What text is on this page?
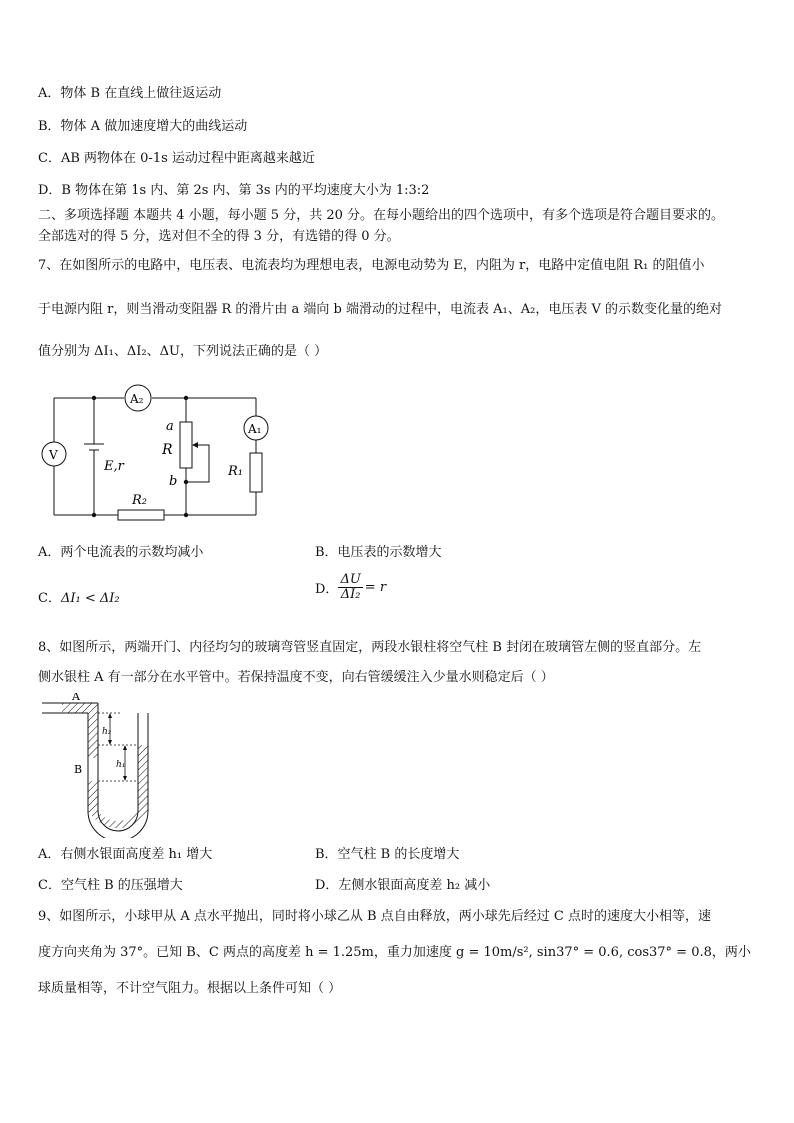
A．物体 B 在直线上做往返运动
B．物体 A 做加速度增大的曲线运动
C．AB 两物体在 0-1s 运动过程中距离越来越近
D．B 物体在第 1s 内、第 2s 内、第 3s 内的平均速度大小为 1:3:2
二、多项选择题 本题共 4 小题，每小题 5 分，共 20 分。在每小题给出的四个选项中，有多个选项是符合题目要求的。
全部选对的得 5 分，选对但不全的得 3 分，有选错的得 0 分。
7、在如图所示的电路中，电压表、电流表均为理想电表，电源电动势为 E，内阻为 r，电路中定值电阻 R₁ 的阻值小
于电源内阻 r，则当滑动变阻器 R 的滑片由 a 端向 b 端滑动的过程中，电流表 A₁、A₂，电压表 V 的示数变化量的绝对
值分别为 ΔI₁、ΔI₂、ΔU，下列说法正确的是（ ）
A₂
A₁
V
a
R
b
E,r	R₁
R₂
A．两个电流表的示数均减小	B．电压表的示数增大
C．ΔI₁ < ΔI₂
D． $\frac{\Delta U}{\text{ΔI₂}} = r$
8、如图所示，两端开门、内径均匀的玻璃弯管竖直固定，两段水银柱将空气柱 B 封闭在玻璃管左侧的竖直部分。左
侧水银柱 A 有一部分在水平管中。若保持温度不变，向右管缓缓注入少量水则稳定后（ ）
A
B
h₂
h₁
A．右侧水银面高度差 h₁ 增大	B．空气柱 B 的长度增大
C．空气柱 B 的压强增大	D．左侧水银面高度差 h₂ 减小
9、如图所示，小球甲从 A 点水平抛出，同时将小球乙从 B 点自由释放，两小球先后经过 C 点时的速度大小相等，速
度方向夹角为 37°。已知 B、C 两点的高度差 h = 1.25m，重力加速度 g = 10m/s², sin37° = 0.6, cos37° = 0.8，两小
球质量相等，不计空气阻力。根据以上条件可知（ ）
